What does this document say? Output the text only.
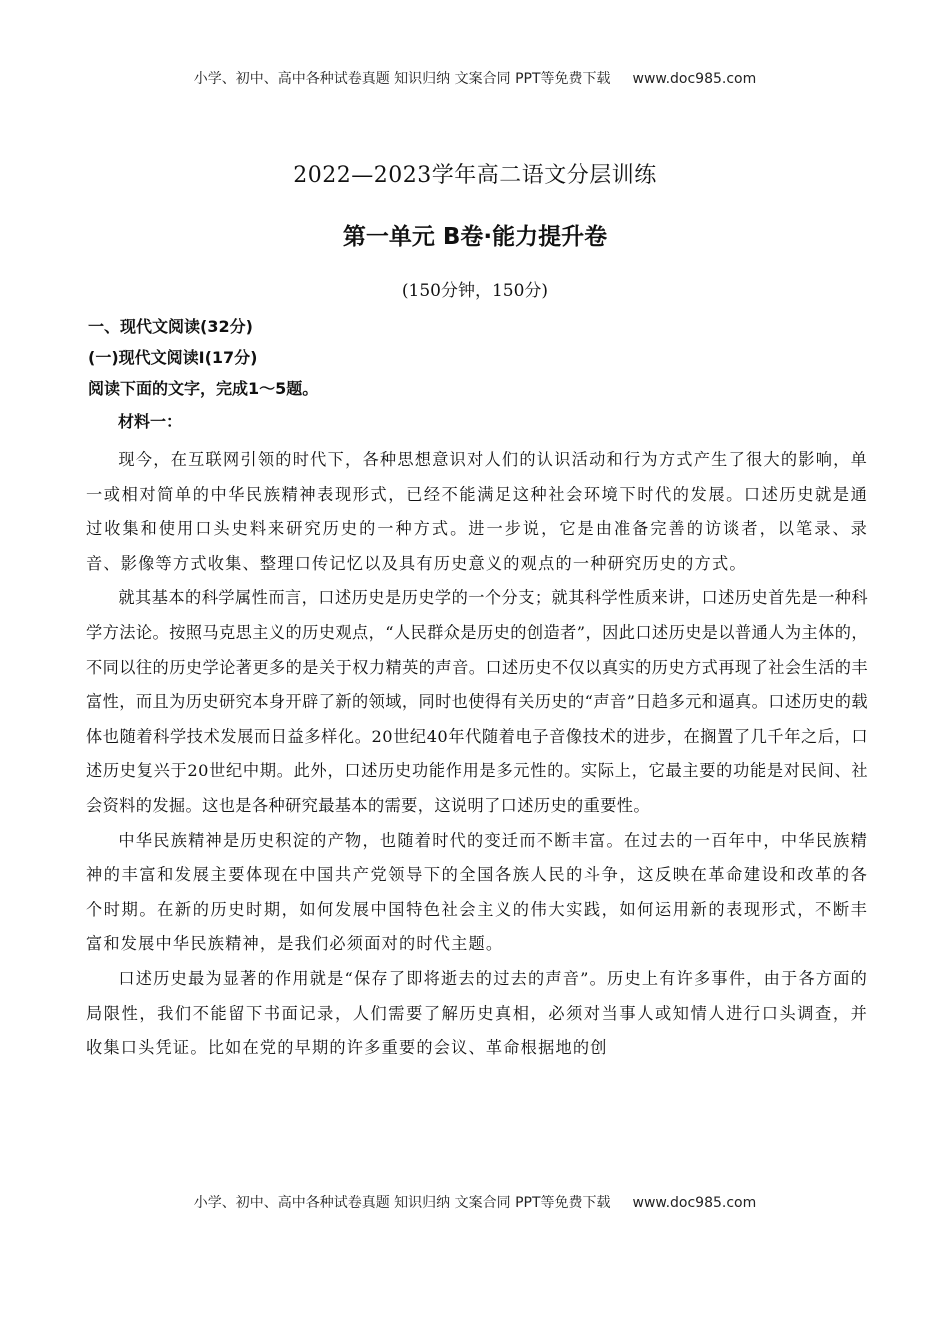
小学、初中、高中各种试卷真题 知识归纳 文案合同 PPT等免费下载 www.doc985.com
2022—2023学年高二语文分层训练
第一单元 B卷·能力提升卷
(150分钟，150分)
一、现代文阅读(32分)
(一)现代文阅读Ⅰ(17分)
阅读下面的文字，完成1～5题。
材料一：

现今，在互联网引领的时代下，各种思想意识对人们的认识活动和行为方式产生了很大的影响，单一或相对简单的中华民族精神表现形式，已经不能满足这种社会环境下时代的发展。口述历史就是通过收集和使用口头史料来研究历史的一种方式。进一步说，它是由准备完善的访谈者，以笔录、录音、影像等方式收集、整理口传记忆以及具有历史意义的观点的一种研究历史的方式。

就其基本的科学属性而言，口述历史是历史学的一个分支；就其科学性质来讲，口述历史首先是一种科学方法论。按照马克思主义的历史观点，“人民群众是历史的创造者”，因此口述历史是以普通人为主体的，不同以往的历史学论著更多的是关于权力精英的声音。口述历史不仅以真实的历史方式再现了社会生活的丰富性，而且为历史研究本身开辟了新的领域，同时也使得有关历史的“声音”日趋多元和逼真。口述历史的载体也随着科学技术发展而日益多样化。20世纪40年代随着电子音像技术的进步，在搁置了几千年之后，口述历史复兴于20世纪中期。此外，口述历史功能作用是多元性的。实际上，它最主要的功能是对民间、社会资料的发掘。这也是各种研究最基本的需要，这说明了口述历史的重要性。

中华民族精神是历史积淀的产物，也随着时代的变迁而不断丰富。在过去的一百年中，中华民族精神的丰富和发展主要体现在中国共产党领导下的全国各族人民的斗争，这反映在革命建设和改革的各个时期。在新的历史时期，如何发展中国特色社会主义的伟大实践，如何运用新的表现形式，不断丰富和发展中华民族精神，是我们必须面对的时代主题。

口述历史最为显著的作用就是“保存了即将逝去的过去的声音”。历史上有许多事件，由于各方面的局限性，我们不能留下书面记录，人们需要了解历史真相，必须对当事人或知情人进行口头调查，并收集口头凭证。比如在党的早期的许多重要的会议、革命根据地的创

小学、初中、高中各种试卷真题 知识归纳 文案合同 PPT等免费下载 www.doc985.com
